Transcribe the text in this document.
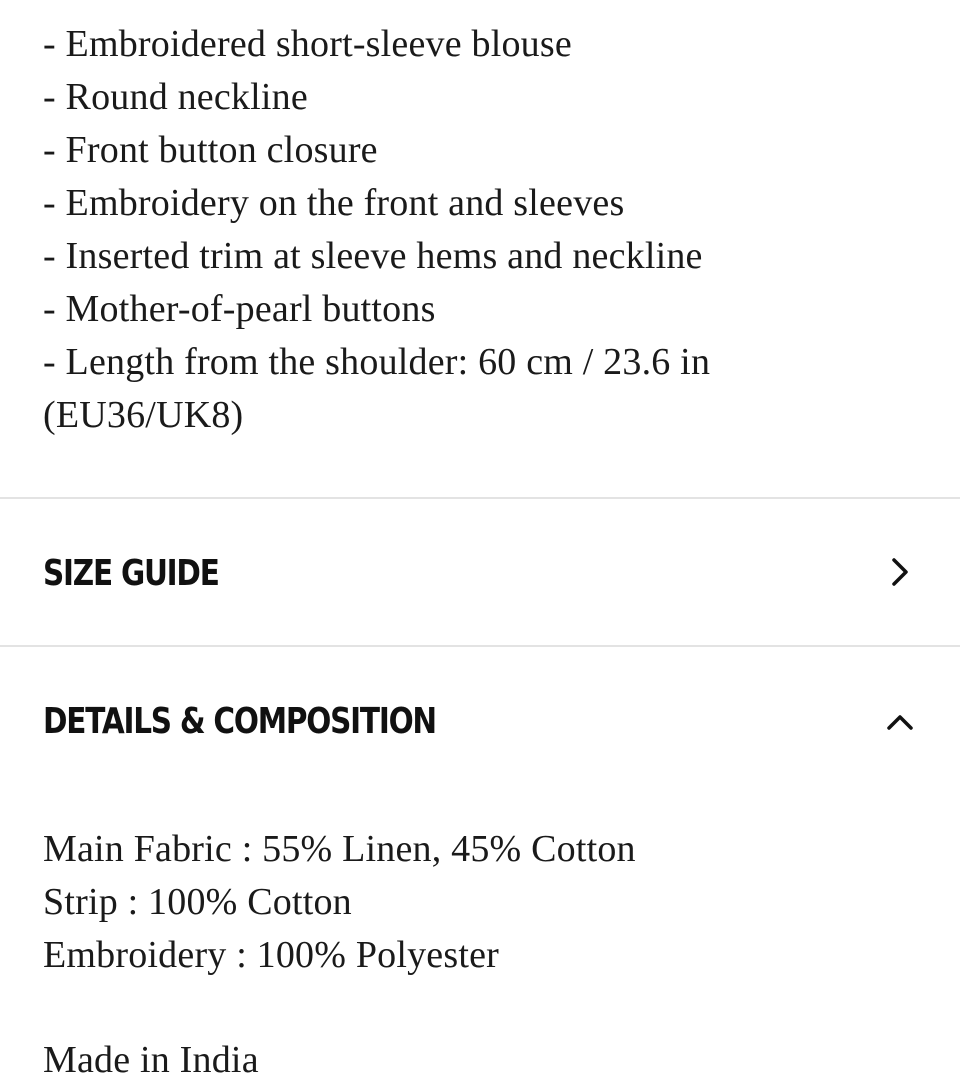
- Embroidered short-sleeve blouse
- Round neckline
- Front button closure
- Embroidery on the front and sleeves
- Inserted trim at sleeve hems and neckline
- Mother-of-pearl buttons
- Length from the shoulder: 60 cm / 23.6 in
(EU36/UK8)
SIZE GUIDE
DETAILS & COMPOSITION
Main Fabric : 55% Linen, 45% Cotton
Strip : 100% Cotton
Embroidery : 100% Polyester
Made in India
